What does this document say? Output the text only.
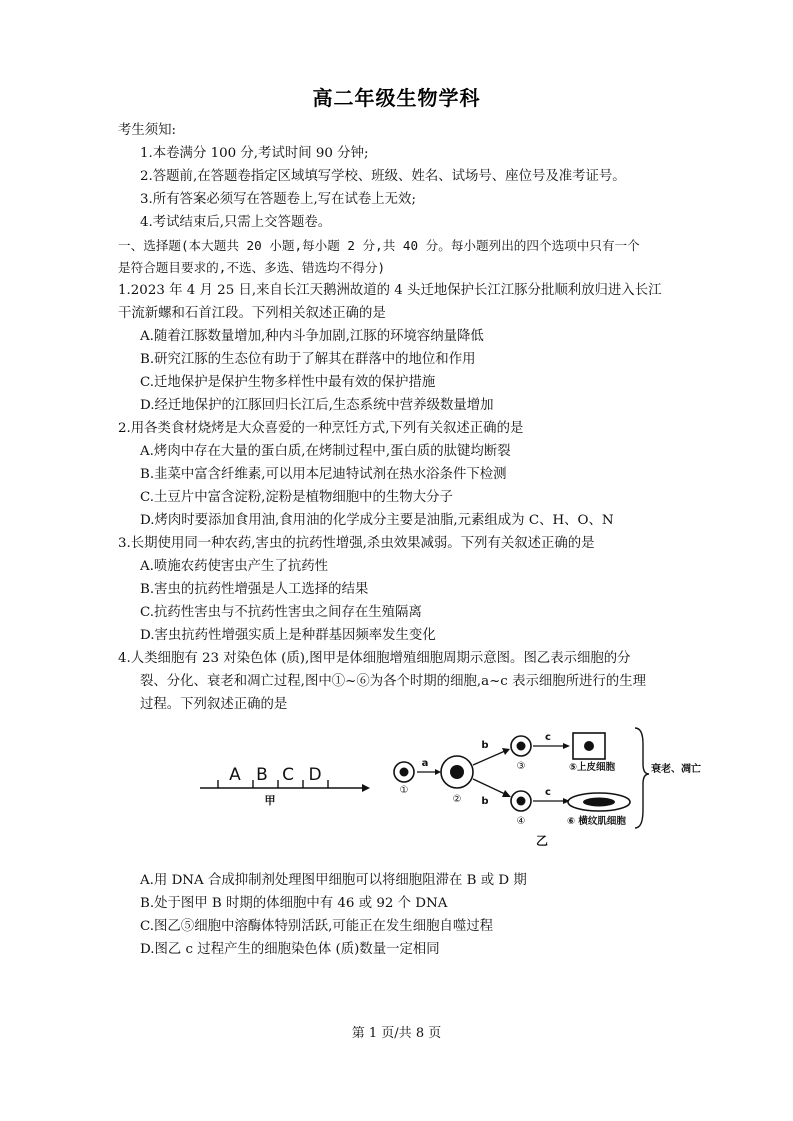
高二年级生物学科
考生须知:
1.本卷满分 100 分,考试时间 90 分钟;
2.答题前,在答题卷指定区域填写学校、班级、姓名、试场号、座位号及准考证号。
3.所有答案必须写在答题卷上,写在试卷上无效;
4.考试结束后,只需上交答题卷。
一、选择题(本大题共 20 小题,每小题 2 分,共 40 分。每小题列出的四个选项中只有一个
是符合题目要求的,不选、多选、错选均不得分)
1.2023 年 4 月 25 日,来自长江天鹅洲故道的 4 头迁地保护长江江豚分批顺利放归进入长江
干流新螺和石首江段。下列相关叙述正确的是
A.随着江豚数量增加,种内斗争加剧,江豚的环境容纳量降低
B.研究江豚的生态位有助于了解其在群落中的地位和作用
C.迁地保护是保护生物多样性中最有效的保护措施
D.经迁地保护的江豚回归长江后,生态系统中营养级数量增加
2.用各类食材烧烤是大众喜爱的一种烹饪方式,下列有关叙述正确的是
A.烤肉中存在大量的蛋白质,在烤制过程中,蛋白质的肽键均断裂
B.韭菜中富含纤维素,可以用本尼迪特试剂在热水浴条件下检测
C.土豆片中富含淀粉,淀粉是植物细胞中的生物大分子
D.烤肉时要添加食用油,食用油的化学成分主要是油脂,元素组成为 C、H、O、N
3.长期使用同一种农药,害虫的抗药性增强,杀虫效果减弱。下列有关叙述正确的是
A.喷施农药使害虫产生了抗药性
B.害虫的抗药性增强是人工选择的结果
C.抗药性害虫与不抗药性害虫之间存在生殖隔离
D.害虫抗药性增强实质上是种群基因频率发生变化
4.人类细胞有 23 对染色体 (质),图甲是体细胞增殖细胞周期示意图。图乙表示细胞的分
裂、分化、衰老和凋亡过程,图中①~⑥为各个时期的细胞,a~c 表示细胞所进行的生理
过程。下列叙述正确的是
A B C D
甲
①
a
②
b
b
③
④
c
c
⑤上皮细胞
⑥ 横纹肌细胞
衰老、凋亡
乙
A.用 DNA 合成抑制剂处理图甲细胞可以将细胞阻滞在 B 或 D 期
B.处于图甲 B 时期的体细胞中有 46 或 92 个 DNA
C.图乙⑤细胞中溶酶体特别活跃,可能正在发生细胞自噬过程
D.图乙 c 过程产生的细胞染色体 (质)数量一定相同
第 1 页/共 8 页
